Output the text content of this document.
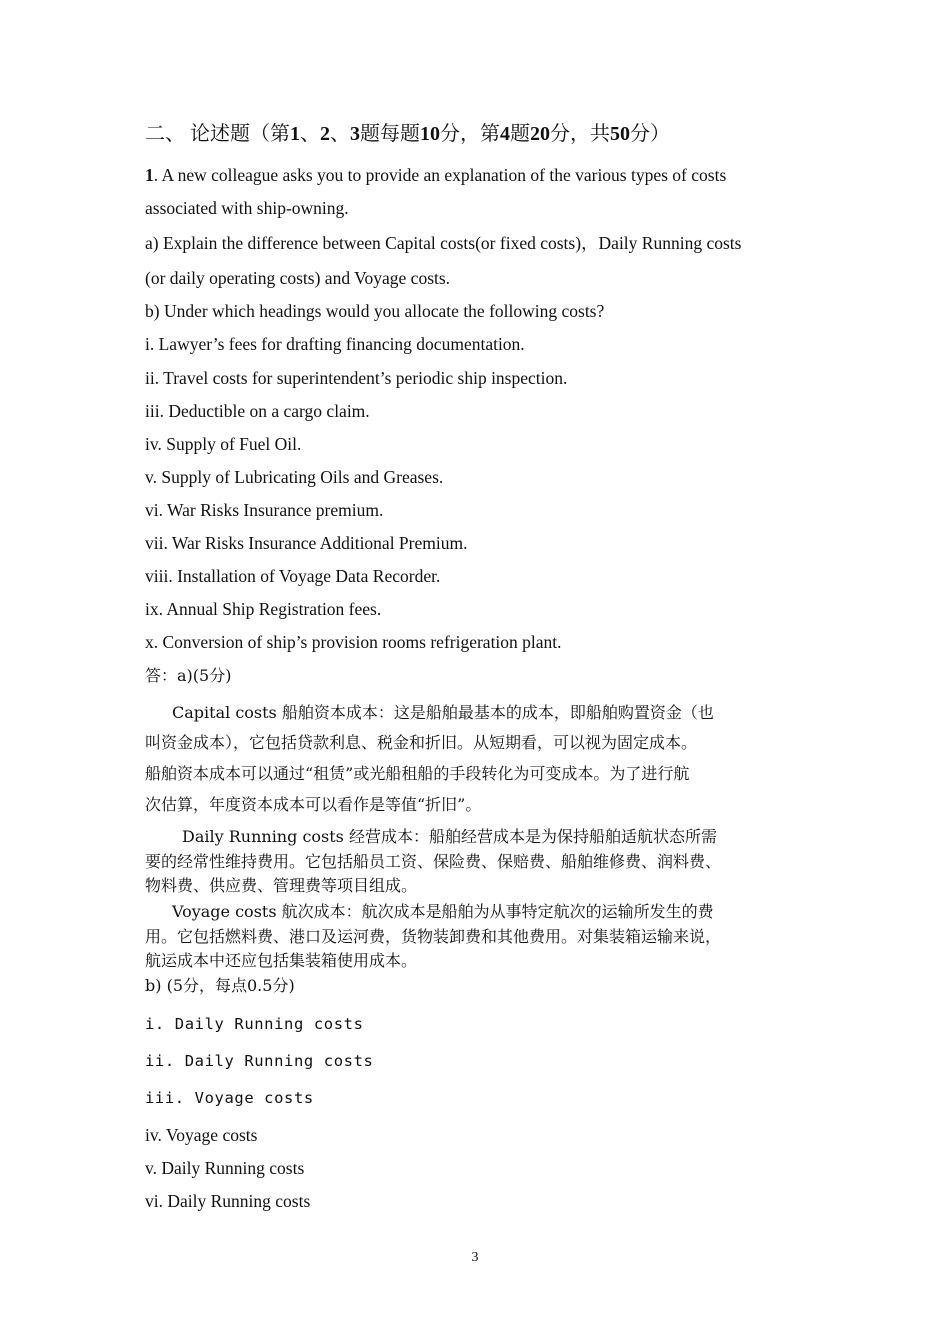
二、 论述题（第1、2、3题每题10分，第4题20分，共50分）
1. A new colleague asks you to provide an explanation of the various types of costs
associated with ship-owning.
a) Explain the difference between Capital costs(or fixed costs)，Daily Running costs
(or daily operating costs) and Voyage costs.
b) Under which headings would you allocate the following costs?
i. Lawyer’s fees for drafting financing documentation.
ii. Travel costs for superintendent’s periodic ship inspection.
iii. Deductible on a cargo claim.
iv. Supply of Fuel Oil.
v. Supply of Lubricating Oils and Greases.
vi. War Risks Insurance premium.
vii. War Risks Insurance Additional Premium.
viii. Installation of Voyage Data Recorder.
ix. Annual Ship Registration fees.
x. Conversion of ship’s provision rooms refrigeration plant.
答：a)(5分)
Capital costs 船舶资本成本：这是船舶最基本的成本，即船舶购置资金（也
叫资金成本），它包括贷款利息、税金和折旧。从短期看，可以视为固定成本。
船舶资本成本可以通过“租赁”或光船租船的手段转化为可变成本。为了进行航
次估算，年度资本成本可以看作是等值“折旧”。
Daily Running costs 经营成本：船舶经营成本是为保持船舶适航状态所需
要的经常性维持费用。它包括船员工资、保险费、保赔费、船舶维修费、润料费、
物料费、供应费、管理费等项目组成。
Voyage costs 航次成本：航次成本是船舶为从事特定航次的运输所发生的费
用。它包括燃料费、港口及运河费，货物装卸费和其他费用。对集装箱运输来说，
航运成本中还应包括集装箱使用成本。
b) (5分，每点0.5分)
i. Daily Running costs
ii. Daily Running costs
iii. Voyage costs
iv. Voyage costs
v. Daily Running costs
vi. Daily Running costs
3
